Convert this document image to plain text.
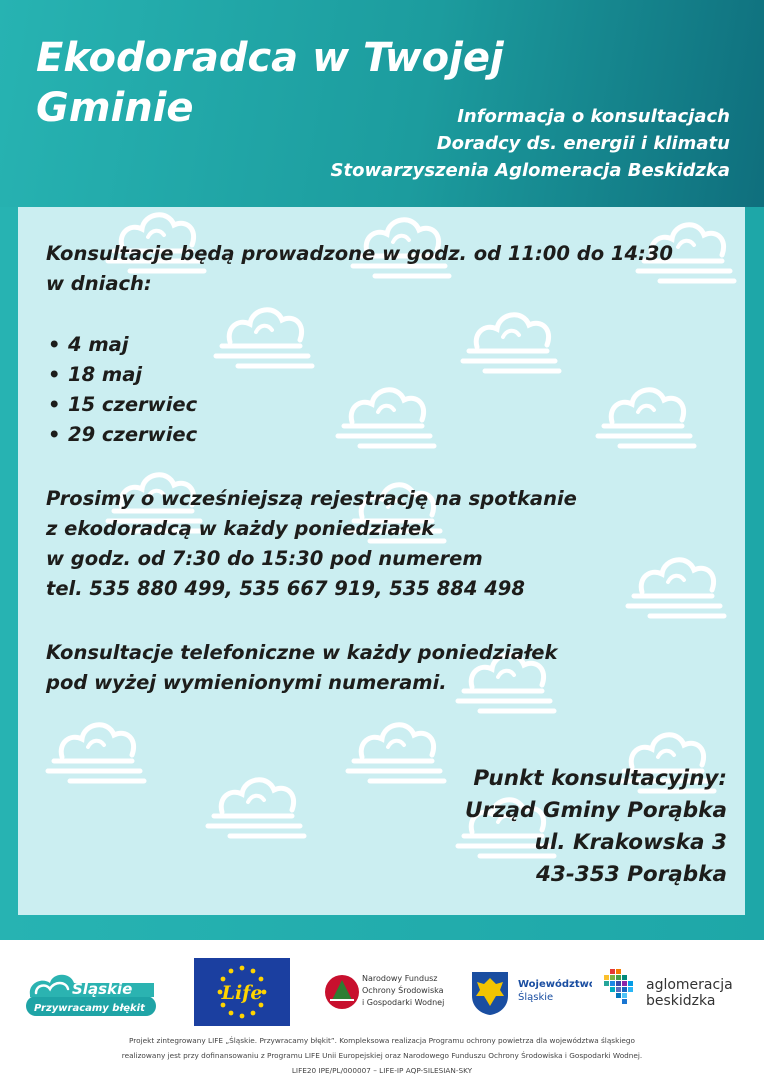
Ekodoradca w Twojej
Gminie	Informacja o konsultacjach
Doradcy ds. energii i klimatu
Stowarzyszenia Aglomeracja Beskidzka
Konsultacje będą prowadzone w godz. od 11:00 do 14:30
w dniach:
• 4 maj
• 18 maj
• 15 czerwiec
• 29 czerwiec
Prosimy o wcześniejszą rejestrację na spotkanie
z ekodoradcą w każdy poniedziałek
w godz. od 7:30 do 15:30 pod numerem
tel. 535 880 499, 535 667 919, 535 884 498
Konsultacje telefoniczne w każdy poniedziałek
pod wyżej wymienionymi numerami.
Punkt konsultacyjny:
Urząd Gminy Porąbka
ul. Krakowska 3
43-353 Porąbka
Śląskie
Przywracamy błękit
Life
Narodowy Fundusz
Ochrony Środowiska
i Gospodarki Wodnej
Województwo
Śląskie
aglomeracja
beskidzka
Projekt zintegrowany LIFE „Śląskie. Przywracamy błękit”. Kompleksowa realizacja Programu ochrony powietrza dla województwa śląskiego
realizowany jest przy dofinansowaniu z Programu LIFE Unii Europejskiej oraz Narodowego Funduszu Ochrony Środowiska i Gospodarki Wodnej.
LIFE20 IPE/PL/000007 – LIFE-IP AQP-SILESIAN-SKY
